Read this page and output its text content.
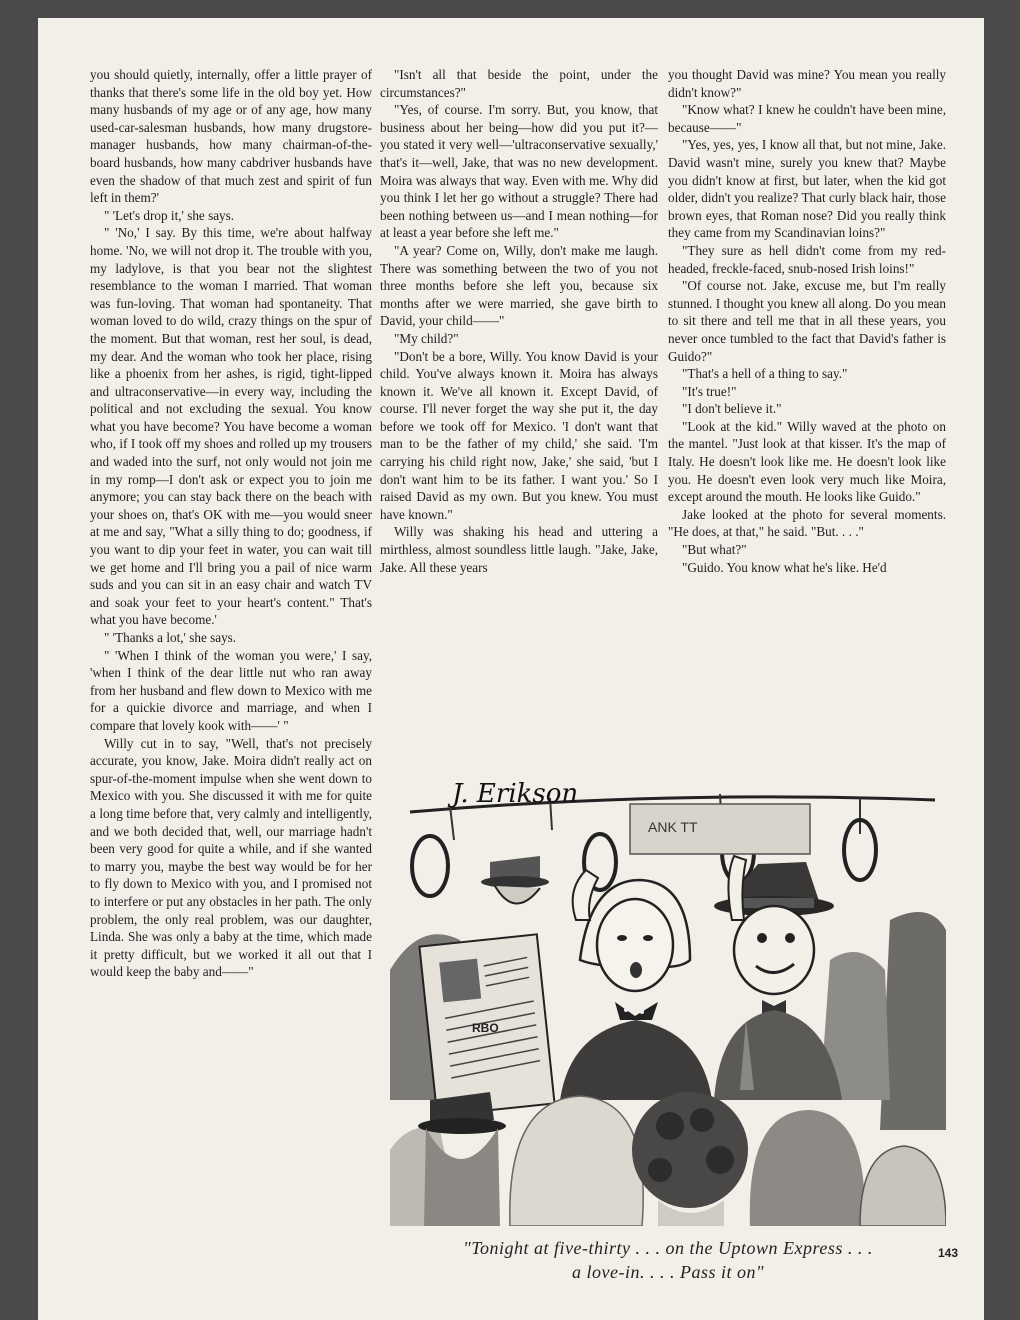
you should quietly, internally, offer a little prayer of thanks that there's some life in the old boy yet. How many husbands of my age or of any age, how many used-car-salesman husbands, how many drugstore-manager husbands, how many chairman-of-the-board husbands, how many cabdriver husbands have even the shadow of that much zest and spirit of fun left in them?'

" 'Let's drop it,' she says.

" 'No,' I say. By this time, we're about halfway home. 'No, we will not drop it. The trouble with you, my ladylove, is that you bear not the slightest resemblance to the woman I married. That woman was fun-loving. That woman had spontaneity. That woman loved to do wild, crazy things on the spur of the moment. But that woman, rest her soul, is dead, my dear. And the woman who took her place, rising like a phoenix from her ashes, is rigid, tight-lipped and ultraconservative—in every way, including the political and not excluding the sexual. You know what you have become? You have become a woman who, if I took off my shoes and rolled up my trousers and waded into the surf, not only would not join me in my romp—I don't ask or expect you to join me anymore; you can stay back there on the beach with your shoes on, that's OK with me—you would sneer at me and say, "What a silly thing to do; goodness, if you want to dip your feet in water, you can wait till we get home and I'll bring you a pail of nice warm suds and you can sit in an easy chair and watch TV and soak your feet to your heart's content." That's what you have become.'

" 'Thanks a lot,' she says.

" 'When I think of the woman you were,' I say, 'when I think of the dear little nut who ran away from her husband and flew down to Mexico with me for a quickie divorce and marriage, and when I compare that lovely kook with——' "

Willy cut in to say, "Well, that's not precisely accurate, you know, Jake. Moira didn't really act on spur-of-the-moment impulse when she went down to Mexico with you. She discussed it with me for quite a long time before that, very calmly and intelligently, and we both decided that, well, our marriage hadn't been very good for quite a while, and if she wanted to marry you, maybe the best way would be for her to fly down to Mexico with you, and I promised not to interfere or put any obstacles in her path. The only problem, the only real problem, was our daughter, Linda. She was only a baby at the time, which made it pretty difficult, but we worked it all out that I would keep the baby and——"

"Isn't all that beside the point, under the circumstances?"

"Yes, of course. I'm sorry. But, you know, that business about her being—how did you put it?—you stated it very well—'ultraconservative sexually,' that's it—well, Jake, that was no new development. Moira was always that way. Even with me. Why did you think I let her go without a struggle? There had been nothing between us—and I mean nothing—for at least a year before she left me."

"A year? Come on, Willy, don't make me laugh. There was something between the two of you not three months before she left you, because six months after we were married, she gave birth to David, your child——"

"My child?"

"Don't be a bore, Willy. You know David is your child. You've always known it. Moira has always known it. We've all known it. Except David, of course. I'll never forget the way she put it, the day before we took off for Mexico. 'I don't want that man to be the father of my child,' she said. 'I'm carrying his child right now, Jake,' she said, 'but I don't want him to be its father. I want you.' So I raised David as my own. But you knew. You must have known."

Willy was shaking his head and uttering a mirthless, almost soundless little laugh. "Jake, Jake, Jake. All these years

you thought David was mine? You mean you really didn't know?"

"Know what? I knew he couldn't have been mine, because——"

"Yes, yes, yes, I know all that, but not mine, Jake. David wasn't mine, surely you knew that? Maybe you didn't know at first, but later, when the kid got older, didn't you realize? That curly black hair, those brown eyes, that Roman nose? Did you really think they came from my Scandinavian loins?"

"They sure as hell didn't come from my red-headed, freckle-faced, snub-nosed Irish loins!"

"Of course not. Jake, excuse me, but I'm really stunned. I thought you knew all along. Do you mean to sit there and tell me that in all these years, you never once tumbled to the fact that David's father is Guido?"

"That's a hell of a thing to say."

"It's true!"

"I don't believe it."

"Look at the kid." Willy waved at the photo on the mantel. "Just look at that kisser. It's the map of Italy. He doesn't look like me. He doesn't look like you. He doesn't even look very much like Moira, except around the mouth. He looks like Guido."

Jake looked at the photo for several moments. "He does, at that," he said. "But. . . ."

"But what?"

"Guido. You know what he's like. He'd

ANK TT
J. Erikson
RBO
"Tonight at five-thirty . . . on the Uptown Express . . .
a love-in. . . . Pass it on"
143
